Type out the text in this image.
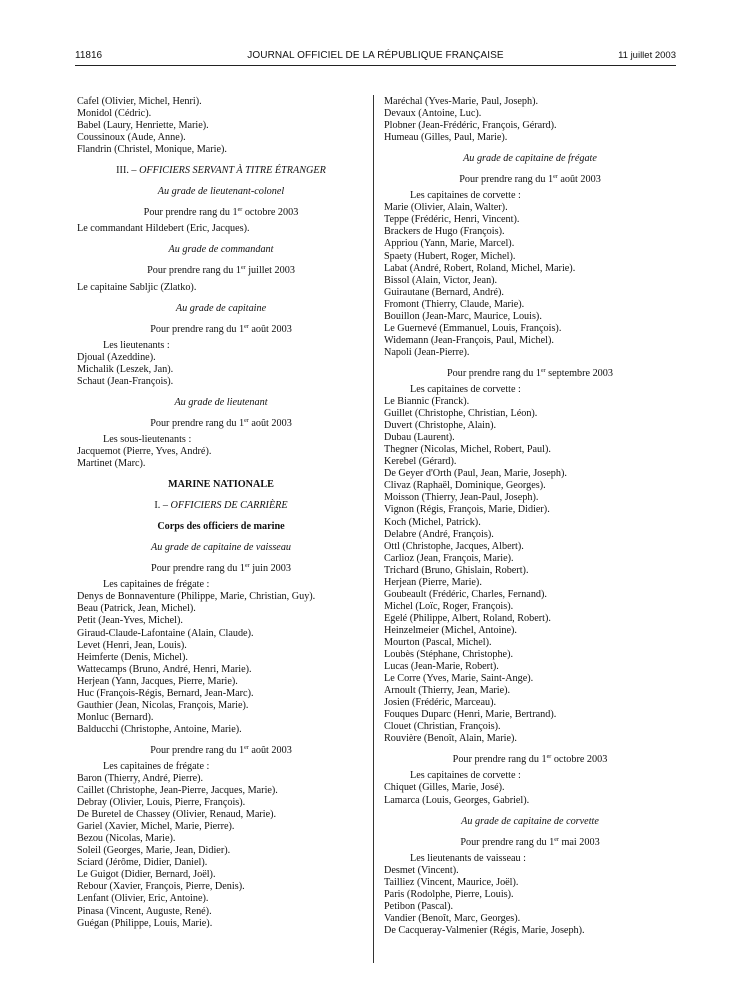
11816	JOURNAL OFFICIEL DE LA RÉPUBLIQUE FRANÇAISE	11 juillet 2003

Cafel (Olivier, Michel, Henri).

Monidol (Cédric).

Babel (Laury, Henriette, Marie).

Coussinoux (Aude, Anne).

Flandrin (Christel, Monique, Marie).

III. – OFFICIERS SERVANT À TITRE ÉTRANGER

Au grade de lieutenant-colonel

Pour prendre rang du 1er octobre 2003

Le commandant Hildebert (Eric, Jacques).

Au grade de commandant

Pour prendre rang du 1er juillet 2003

Le capitaine Sabljic (Zlatko).

Au grade de capitaine

Pour prendre rang du 1er août 2003

Les lieutenants :

Djoual (Azeddine).

Michalik (Leszek, Jan).

Schaut (Jean-François).

Au grade de lieutenant

Pour prendre rang du 1er août 2003

Les sous-lieutenants :

Jacquemot (Pierre, Yves, André).

Martinet (Marc).

MARINE NATIONALE

I. – OFFICIERS DE CARRIÈRE

Corps des officiers de marine

Au grade de capitaine de vaisseau

Pour prendre rang du 1er juin 2003

Les capitaines de frégate :

Denys de Bonnaventure (Philippe, Marie, Christian, Guy).

Beau (Patrick, Jean, Michel).

Petit (Jean-Yves, Michel).

Giraud-Claude-Lafontaine (Alain, Claude).

Levet (Henri, Jean, Louis).

Heimferte (Denis, Michel).

Wattecamps (Bruno, André, Henri, Marie).

Herjean (Yann, Jacques, Pierre, Marie).

Huc (François-Régis, Bernard, Jean-Marc).

Gauthier (Jean, Nicolas, François, Marie).

Monluc (Bernard).

Balducchi (Christophe, Antoine, Marie).

Pour prendre rang du 1er août 2003

Les capitaines de frégate :

Baron (Thierry, André, Pierre).

Caillet (Christophe, Jean-Pierre, Jacques, Marie).

Debray (Olivier, Louis, Pierre, François).

De Buretel de Chassey (Olivier, Renaud, Marie).

Gariel (Xavier, Michel, Marie, Pierre).

Bezou (Nicolas, Marie).

Soleil (Georges, Marie, Jean, Didier).

Sciard (Jérôme, Didier, Daniel).

Le Guigot (Didier, Bernard, Joël).

Rebour (Xavier, François, Pierre, Denis).

Lenfant (Olivier, Eric, Antoine).

Pinasa (Vincent, Auguste, René).

Guégan (Philippe, Louis, Marie).

Maréchal (Yves-Marie, Paul, Joseph).

Devaux (Antoine, Luc).

Plobner (Jean-Frédéric, François, Gérard).

Humeau (Gilles, Paul, Marie).

Au grade de capitaine de frégate

Pour prendre rang du 1er août 2003

Les capitaines de corvette :

Marie (Olivier, Alain, Walter).

Teppe (Frédéric, Henri, Vincent).

Brackers de Hugo (François).

Appriou (Yann, Marie, Marcel).

Spaety (Hubert, Roger, Michel).

Labat (André, Robert, Roland, Michel, Marie).

Bissol (Alain, Victor, Jean).

Guirautane (Bernard, André).

Fromont (Thierry, Claude, Marie).

Bouillon (Jean-Marc, Maurice, Louis).

Le Guernevé (Emmanuel, Louis, François).

Widemann (Jean-François, Paul, Michel).

Napoli (Jean-Pierre).

Pour prendre rang du 1er septembre 2003

Les capitaines de corvette :

Le Biannic (Franck).

Guillet (Christophe, Christian, Léon).

Duvert (Christophe, Alain).

Dubau (Laurent).

Thegner (Nicolas, Michel, Robert, Paul).

Kerebel (Gérard).

De Geyer d'Orth (Paul, Jean, Marie, Joseph).

Clivaz (Raphaël, Dominique, Georges).

Moisson (Thierry, Jean-Paul, Joseph).

Vignon (Régis, François, Marie, Didier).

Koch (Michel, Patrick).

Delabre (André, François).

Ottl (Christophe, Jacques, Albert).

Carlioz (Jean, François, Marie).

Trichard (Bruno, Ghislain, Robert).

Herjean (Pierre, Marie).

Goubeault (Frédéric, Charles, Fernand).

Michel (Loïc, Roger, François).

Egelé (Philippe, Albert, Roland, Robert).

Heinzelmeier (Michel, Antoine).

Mourton (Pascal, Michel).

Loubès (Stéphane, Christophe).

Lucas (Jean-Marie, Robert).

Le Corre (Yves, Marie, Saint-Ange).

Arnoult (Thierry, Jean, Marie).

Josien (Frédéric, Marceau).

Fouques Duparc (Henri, Marie, Bertrand).

Clouet (Christian, François).

Rouvière (Benoît, Alain, Marie).

Pour prendre rang du 1er octobre 2003

Les capitaines de corvette :

Chiquet (Gilles, Marie, José).

Lamarca (Louis, Georges, Gabriel).

Au grade de capitaine de corvette

Pour prendre rang du 1er mai 2003

Les lieutenants de vaisseau :

Desmet (Vincent).

Tailliez (Vincent, Maurice, Joël).

Paris (Rodolphe, Pierre, Louis).

Petibon (Pascal).

Vandier (Benoît, Marc, Georges).

De Cacqueray-Valmenier (Régis, Marie, Joseph).
